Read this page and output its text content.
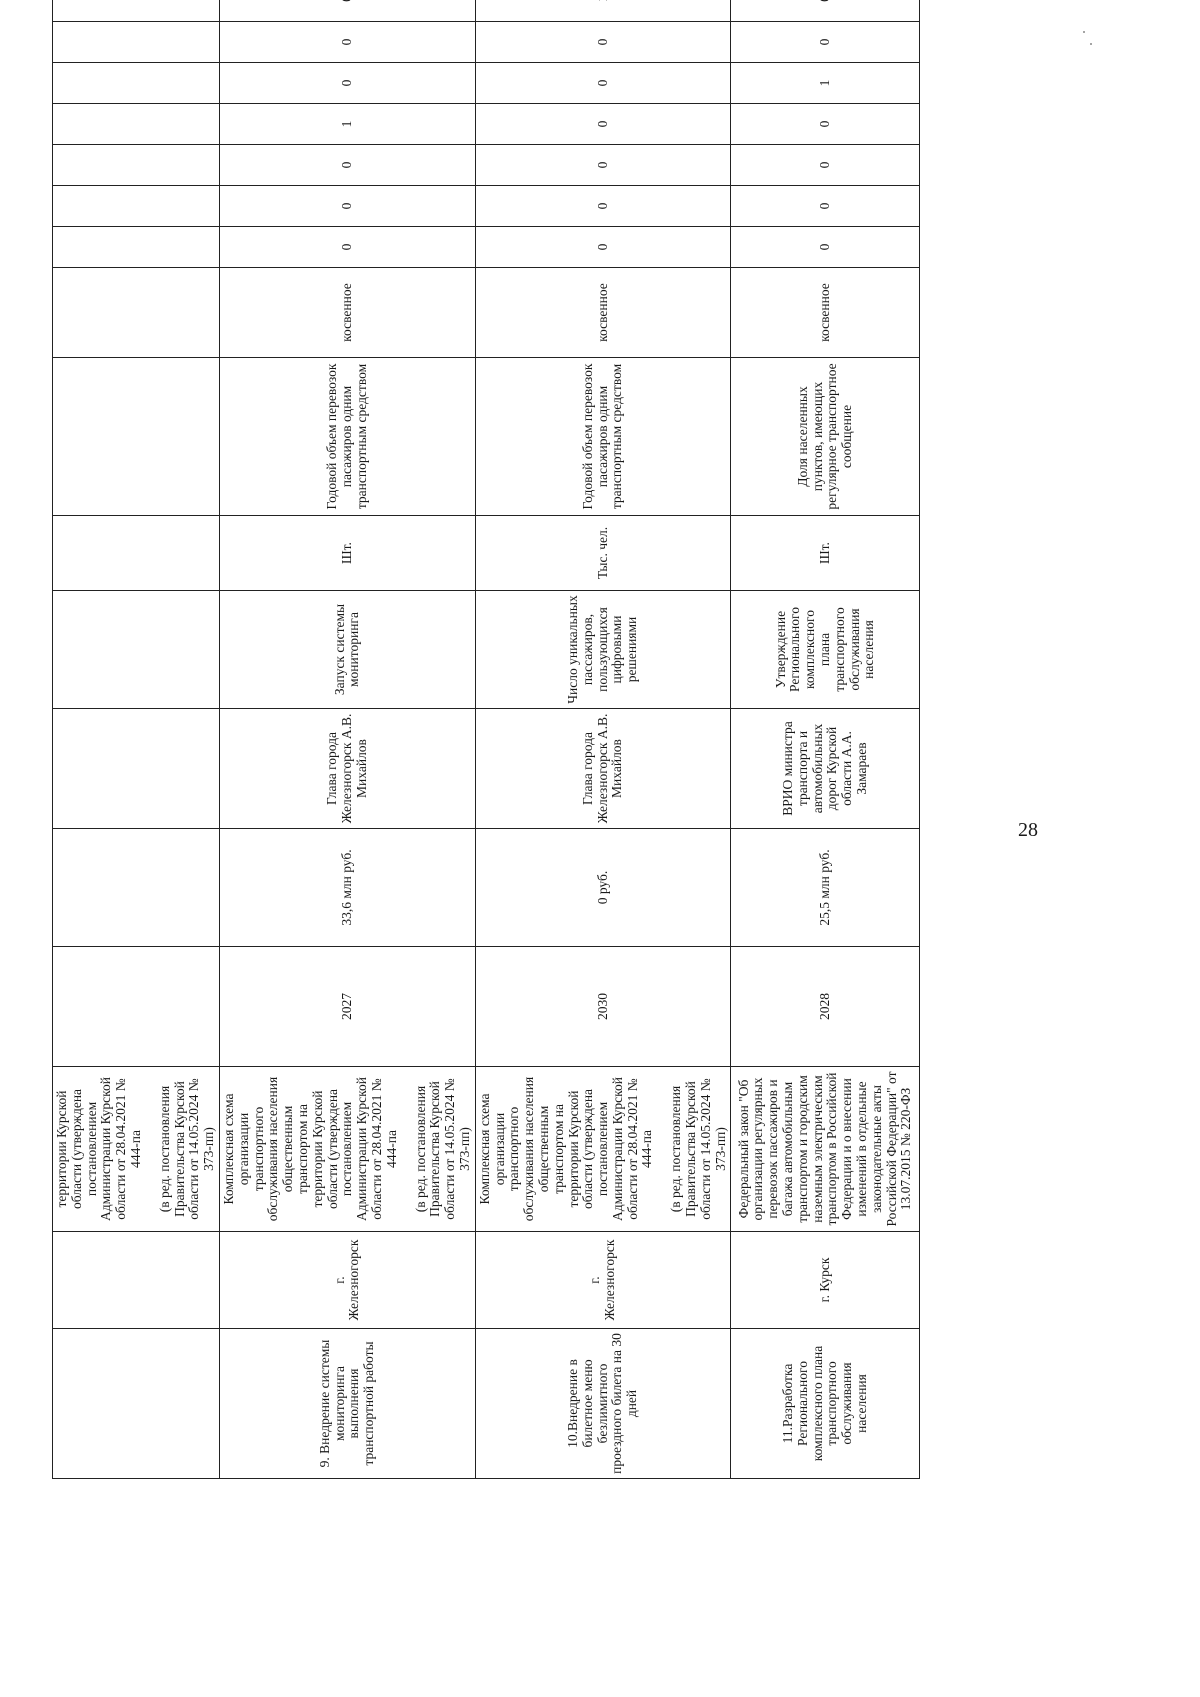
		территории Курской области (утверждена постановлением Администрации Курской области от 28.04.2021 № 444-па (в ред. постановления Правительства Курской области от 14.05.2024 № 373-пп)														

9. Внедрение системы мониторинга выполнения транспортной работы	г. Железногорск	Комплексная схема организации транспортного обслуживания населения общественным транспортом на территории Курской области (утверждена постановлением Администрации Курской области от 28.04.2021 № 444-па (в ред. постановления Правительства Курской области от 14.05.2024 № 373-пп)	2027	33,6 млн руб.	Глава города Железногорск А.В. Михайлов	Запуск системы мониторинга	Шт.	Годовой объем перевозок пасажиров одним транспортным средством	косвенное	0	0	0	1	0	0	
10.Внедрение в билетное меню безлимитного проездного билета на 30 дней	г. Железногорск	Комплексная схема организации транспортного обслуживания населения общественным транспортом на территории Курской области (утверждена постановлением Администрации Курской области от 28.04.2021 № 444-па (в ред. постановления Правительства Курской области от 14.05.2024 № 373-пп)	2030	0 руб.	Глава города Железногорск А.В. Михайлов	Число уникальных пассажиров, пользующихся цифровыми решениями	Тыс. чел.	Годовой объем перевозок пасажиров одним транспортным средством	косвенное	0	0	0	0	0	0	
11.Разработка Регионального комплексного плана транспортного обслуживания населения	г. Курск	Федеральный закон "Об организации регулярных перевозок пассажиров и багажа автомобильным транспортом и городским наземным электрическим транспортом в Российской Федерации и о внесении изменений в отдельные законодательные акты Российской Федерации" от 13.07.2015 № 220-ФЗ	2028	25,5 млн руб.	ВРИО министра транспорта и автомобильных дорог Курской области А.А. Замараев	Утверждение Регионального комплексного плана транспортного обслуживания населения	Шт.	Доля населенных пунктов, имеющих регулярное транспортное сообщение	косвенное	0	0	0	0	1	0	
28
